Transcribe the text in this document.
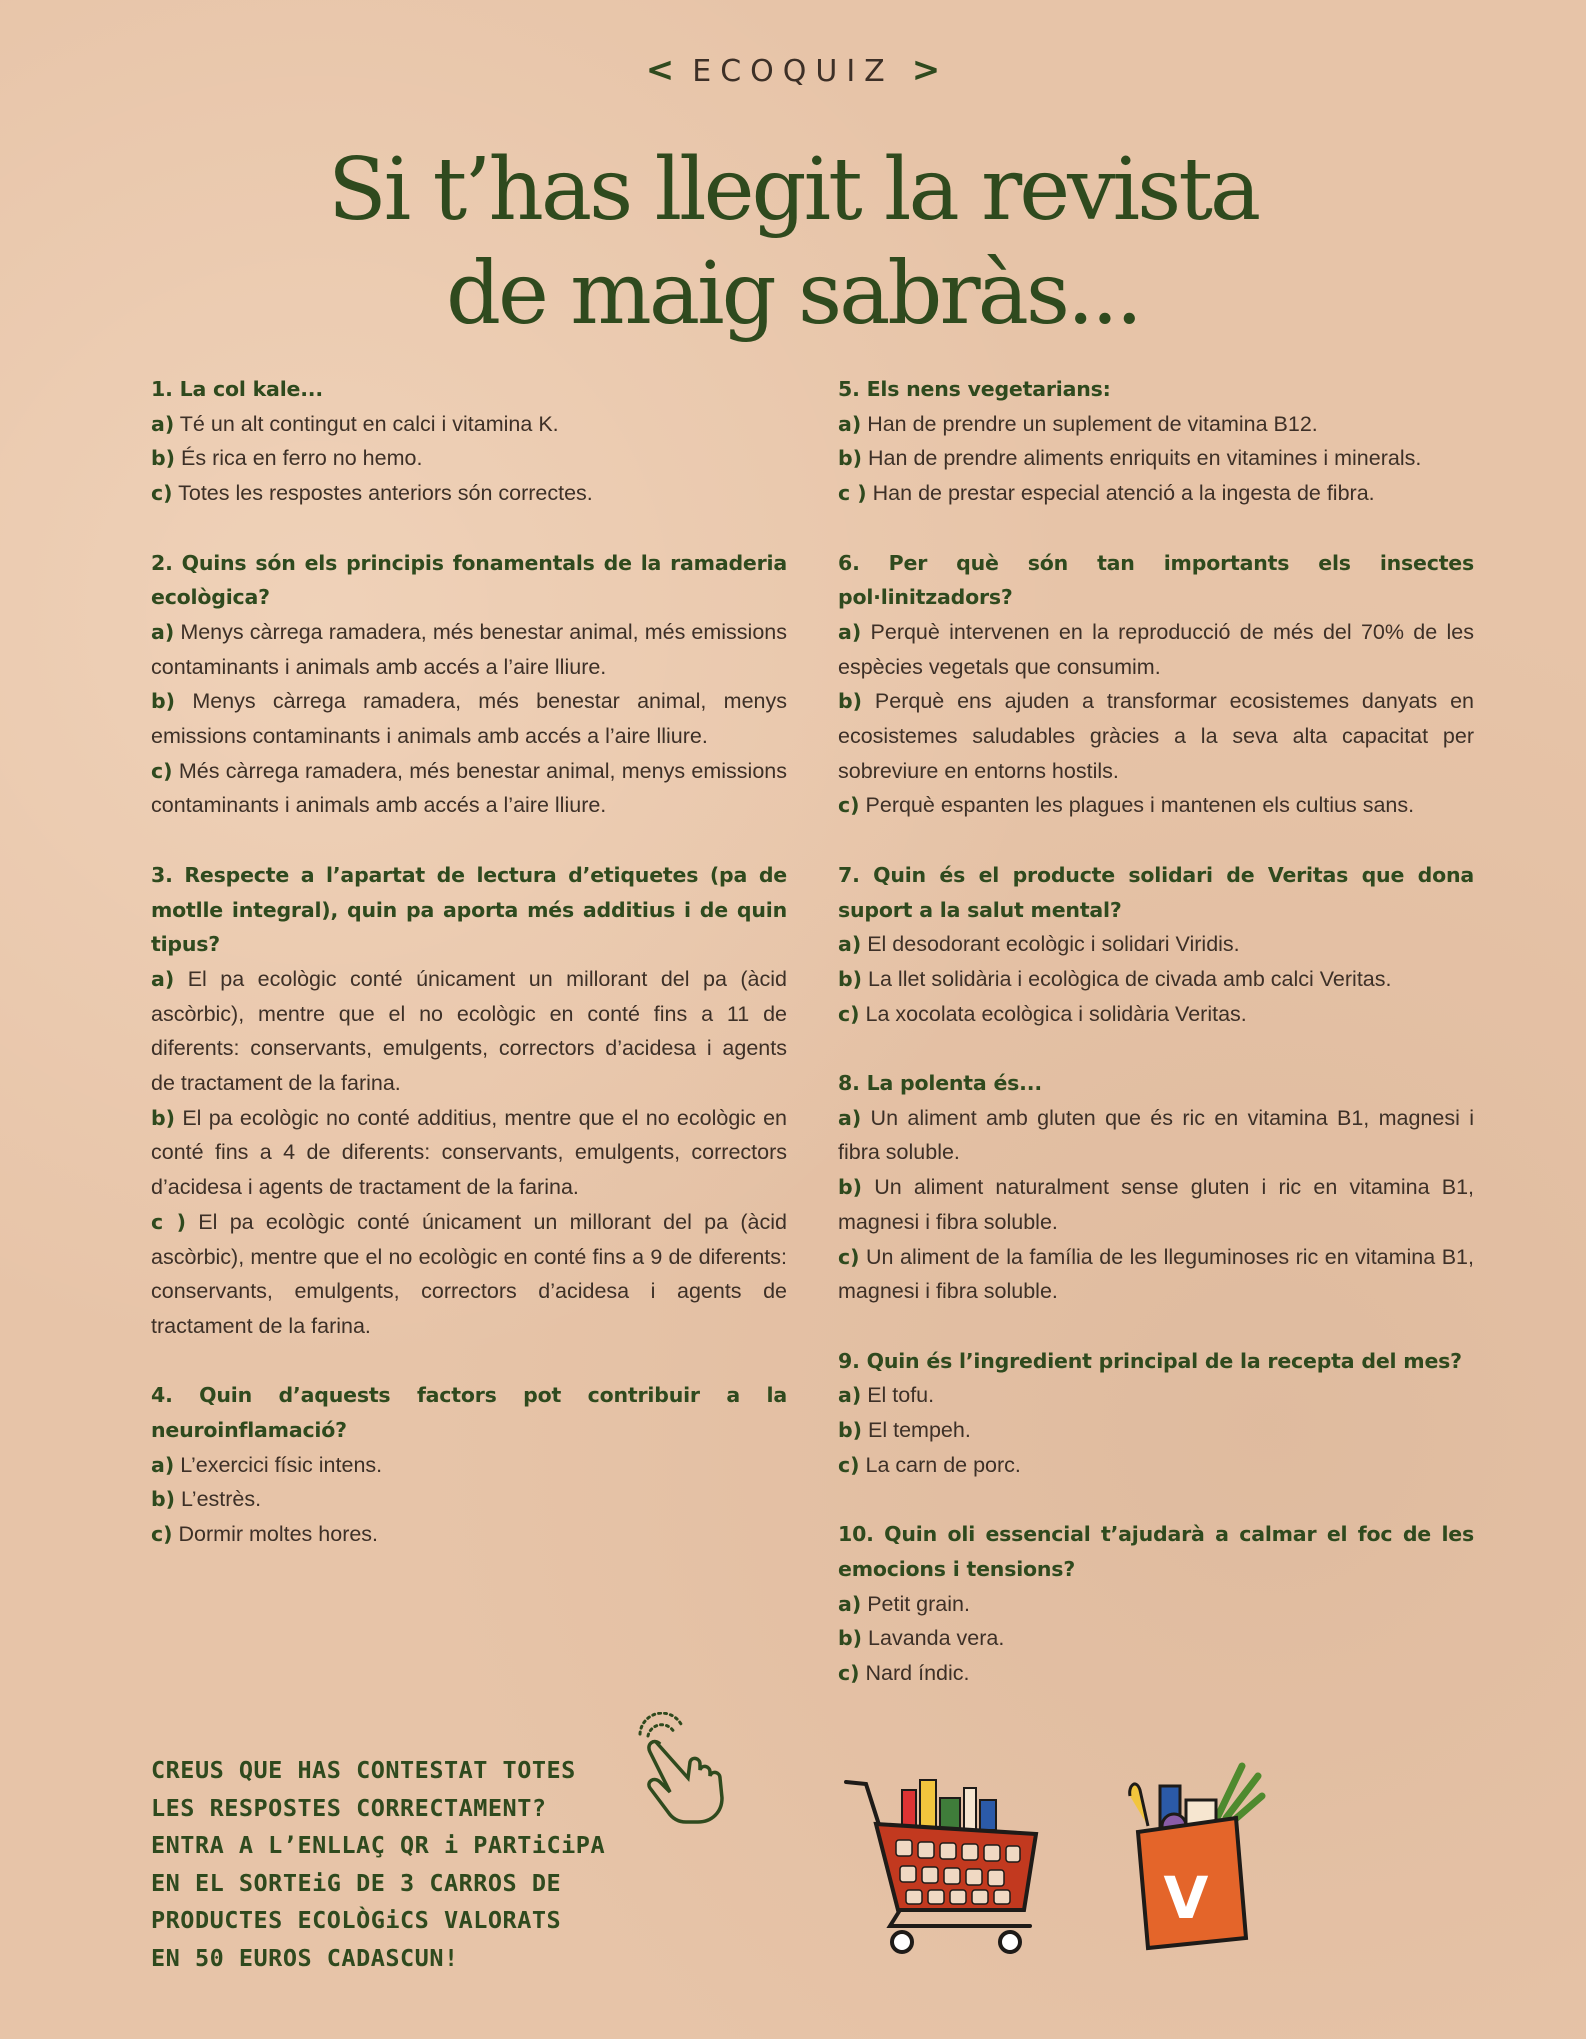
< ECOQUIZ >
Si t’has llegit la revista
de maig sabràs...
1. La col kale...
a) Té un alt contingut en calci i vitamina K.
b) És rica en ferro no hemo.
c) Totes les respostes anteriors són correctes.
2. Quins són els principis fonamentals de la ramaderia ecològica?
a) Menys càrrega ramadera, més benestar animal, més emissions contaminants i animals amb accés a l’aire lliure.
b) Menys càrrega ramadera, més benestar animal, menys emissions contaminants i animals amb accés a l’aire lliure.
c) Més càrrega ramadera, més benestar animal, menys emissions contaminants i animals amb accés a l’aire lliure.
3. Respecte a l’apartat de lectura d’etiquetes (pa de motlle integral), quin pa aporta més additius i de quin tipus?
a) El pa ecològic conté únicament un millorant del pa (àcid ascòrbic), mentre que el no ecològic en conté fins a 11 de diferents: conservants, emulgents, correctors d’acidesa i agents de tractament de la farina.
b) El pa ecològic no conté additius, mentre que el no ecològic en conté fins a 4 de diferents: conservants, emulgents, correctors d’acidesa i agents de tractament de la farina.
c ) El pa ecològic conté únicament un millorant del pa (àcid ascòrbic), mentre que el no ecològic en conté fins a 9 de diferents: conservants, emulgents, correctors d’acidesa i agents de tractament de la farina.
4. Quin d’aquests factors pot contribuir a la neuroinflamació?
a) L’exercici físic intens.
b) L’estrès.
c) Dormir moltes hores.
5. Els nens vegetarians:
a) Han de prendre un suplement de vitamina B12.
b) Han de prendre aliments enriquits en vitamines i minerals.
c ) Han de prestar especial atenció a la ingesta de fibra.
6. Per què són tan importants els insectes pol·linitzadors?
a) Perquè intervenen en la reproducció de més del 70% de les espècies vegetals que consumim.
b) Perquè ens ajuden a transformar ecosistemes danyats en ecosistemes saludables gràcies a la seva alta capacitat per sobreviure en entorns hostils.
c) Perquè espanten les plagues i mantenen els cultius sans.
7. Quin és el producte solidari de Veritas que dona suport a la salut mental?
a) El desodorant ecològic i solidari Viridis.
b) La llet solidària i ecològica de civada amb calci Veritas.
c) La xocolata ecològica i solidària Veritas.
8. La polenta és...
a) Un aliment amb gluten que és ric en vitamina B1, magnesi i fibra soluble.
b) Un aliment naturalment sense gluten i ric en vitamina B1, magnesi i fibra soluble.
c) Un aliment de la família de les lleguminoses ric en vitamina B1, magnesi i fibra soluble.
9. Quin és l’ingredient principal de la recepta del mes?
a) El tofu.
b) El tempeh.
c) La carn de porc.
10. Quin oli essencial t’ajudarà a calmar el foc de les emocions i tensions?
a) Petit grain.
b) Lavanda vera.
c) Nard índic.
CREUS QUE HAS CONTESTAT TOTES
LES RESPOSTES CORRECTAMENT?
ENTRA A L’ENLLAÇ QR i PARTiCiPA
EN EL SORTEiG DE 3 CARROS DE
PRODUCTES ECOLÒGiCS VALORATS
EN 50 EUROS CADASCUN!
V
